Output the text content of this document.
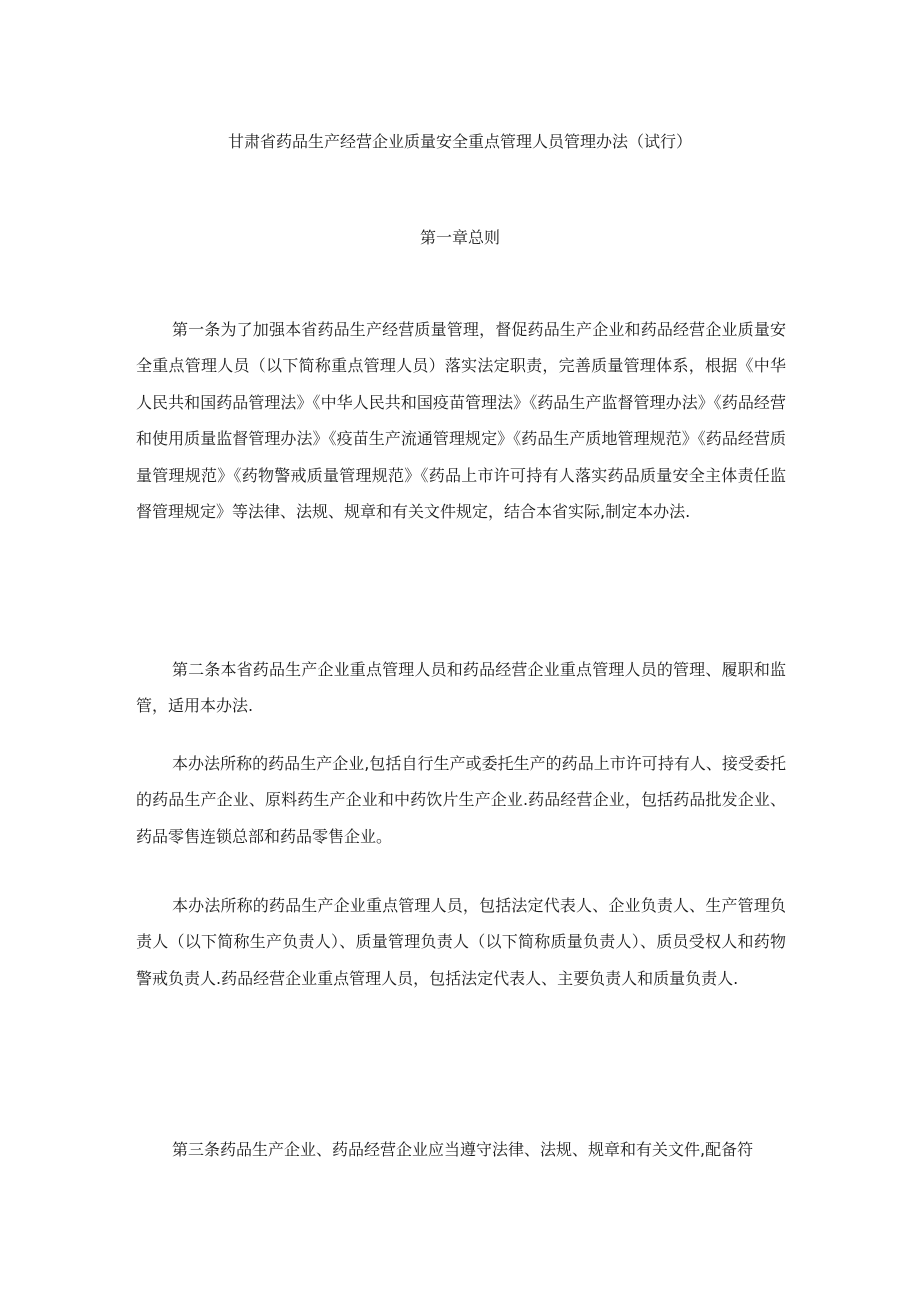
甘肃省药品生产经营企业质量安全重点管理人员管理办法（试行）
第一章总则

第一条为了加强本省药品生产经营质量管理，督促药品生产企业和药品经营企业质量安全重点管理人员（以下简称重点管理人员）落实法定职责，完善质量管理体系，根据《中华人民共和国药品管理法》《中华人民共和国疫苗管理法》《药品生产监督管理办法》《药品经营和使用质量监督管理办法》《疫苗生产流通管理规定》《药品生产质地管理规范》《药品经营质量管理规范》《药物警戒质量管理规范》《药品上市许可持有人落实药品质量安全主体责任监督管理规定》等法律、法规、规章和有关文件规定，结合本省实际,制定本办法.

第二条本省药品生产企业重点管理人员和药品经营企业重点管理人员的管理、履职和监管，适用本办法.

本办法所称的药品生产企业,包括自行生产或委托生产的药品上市许可持有人、接受委托的药品生产企业、原料药生产企业和中药饮片生产企业.药品经营企业，包括药品批发企业、药品零售连锁总部和药品零售企业。

本办法所称的药品生产企业重点管理人员，包括法定代表人、企业负责人、生产管理负责人（以下简称生产负责人）、质量管理负责人（以下简称质量负责人）、质员受权人和药物警戒负责人.药品经营企业重点管理人员，包括法定代表人、主要负责人和质量负责人.

第三条药品生产企业、药品经营企业应当遵守法律、法规、规章和有关文件,配备符
